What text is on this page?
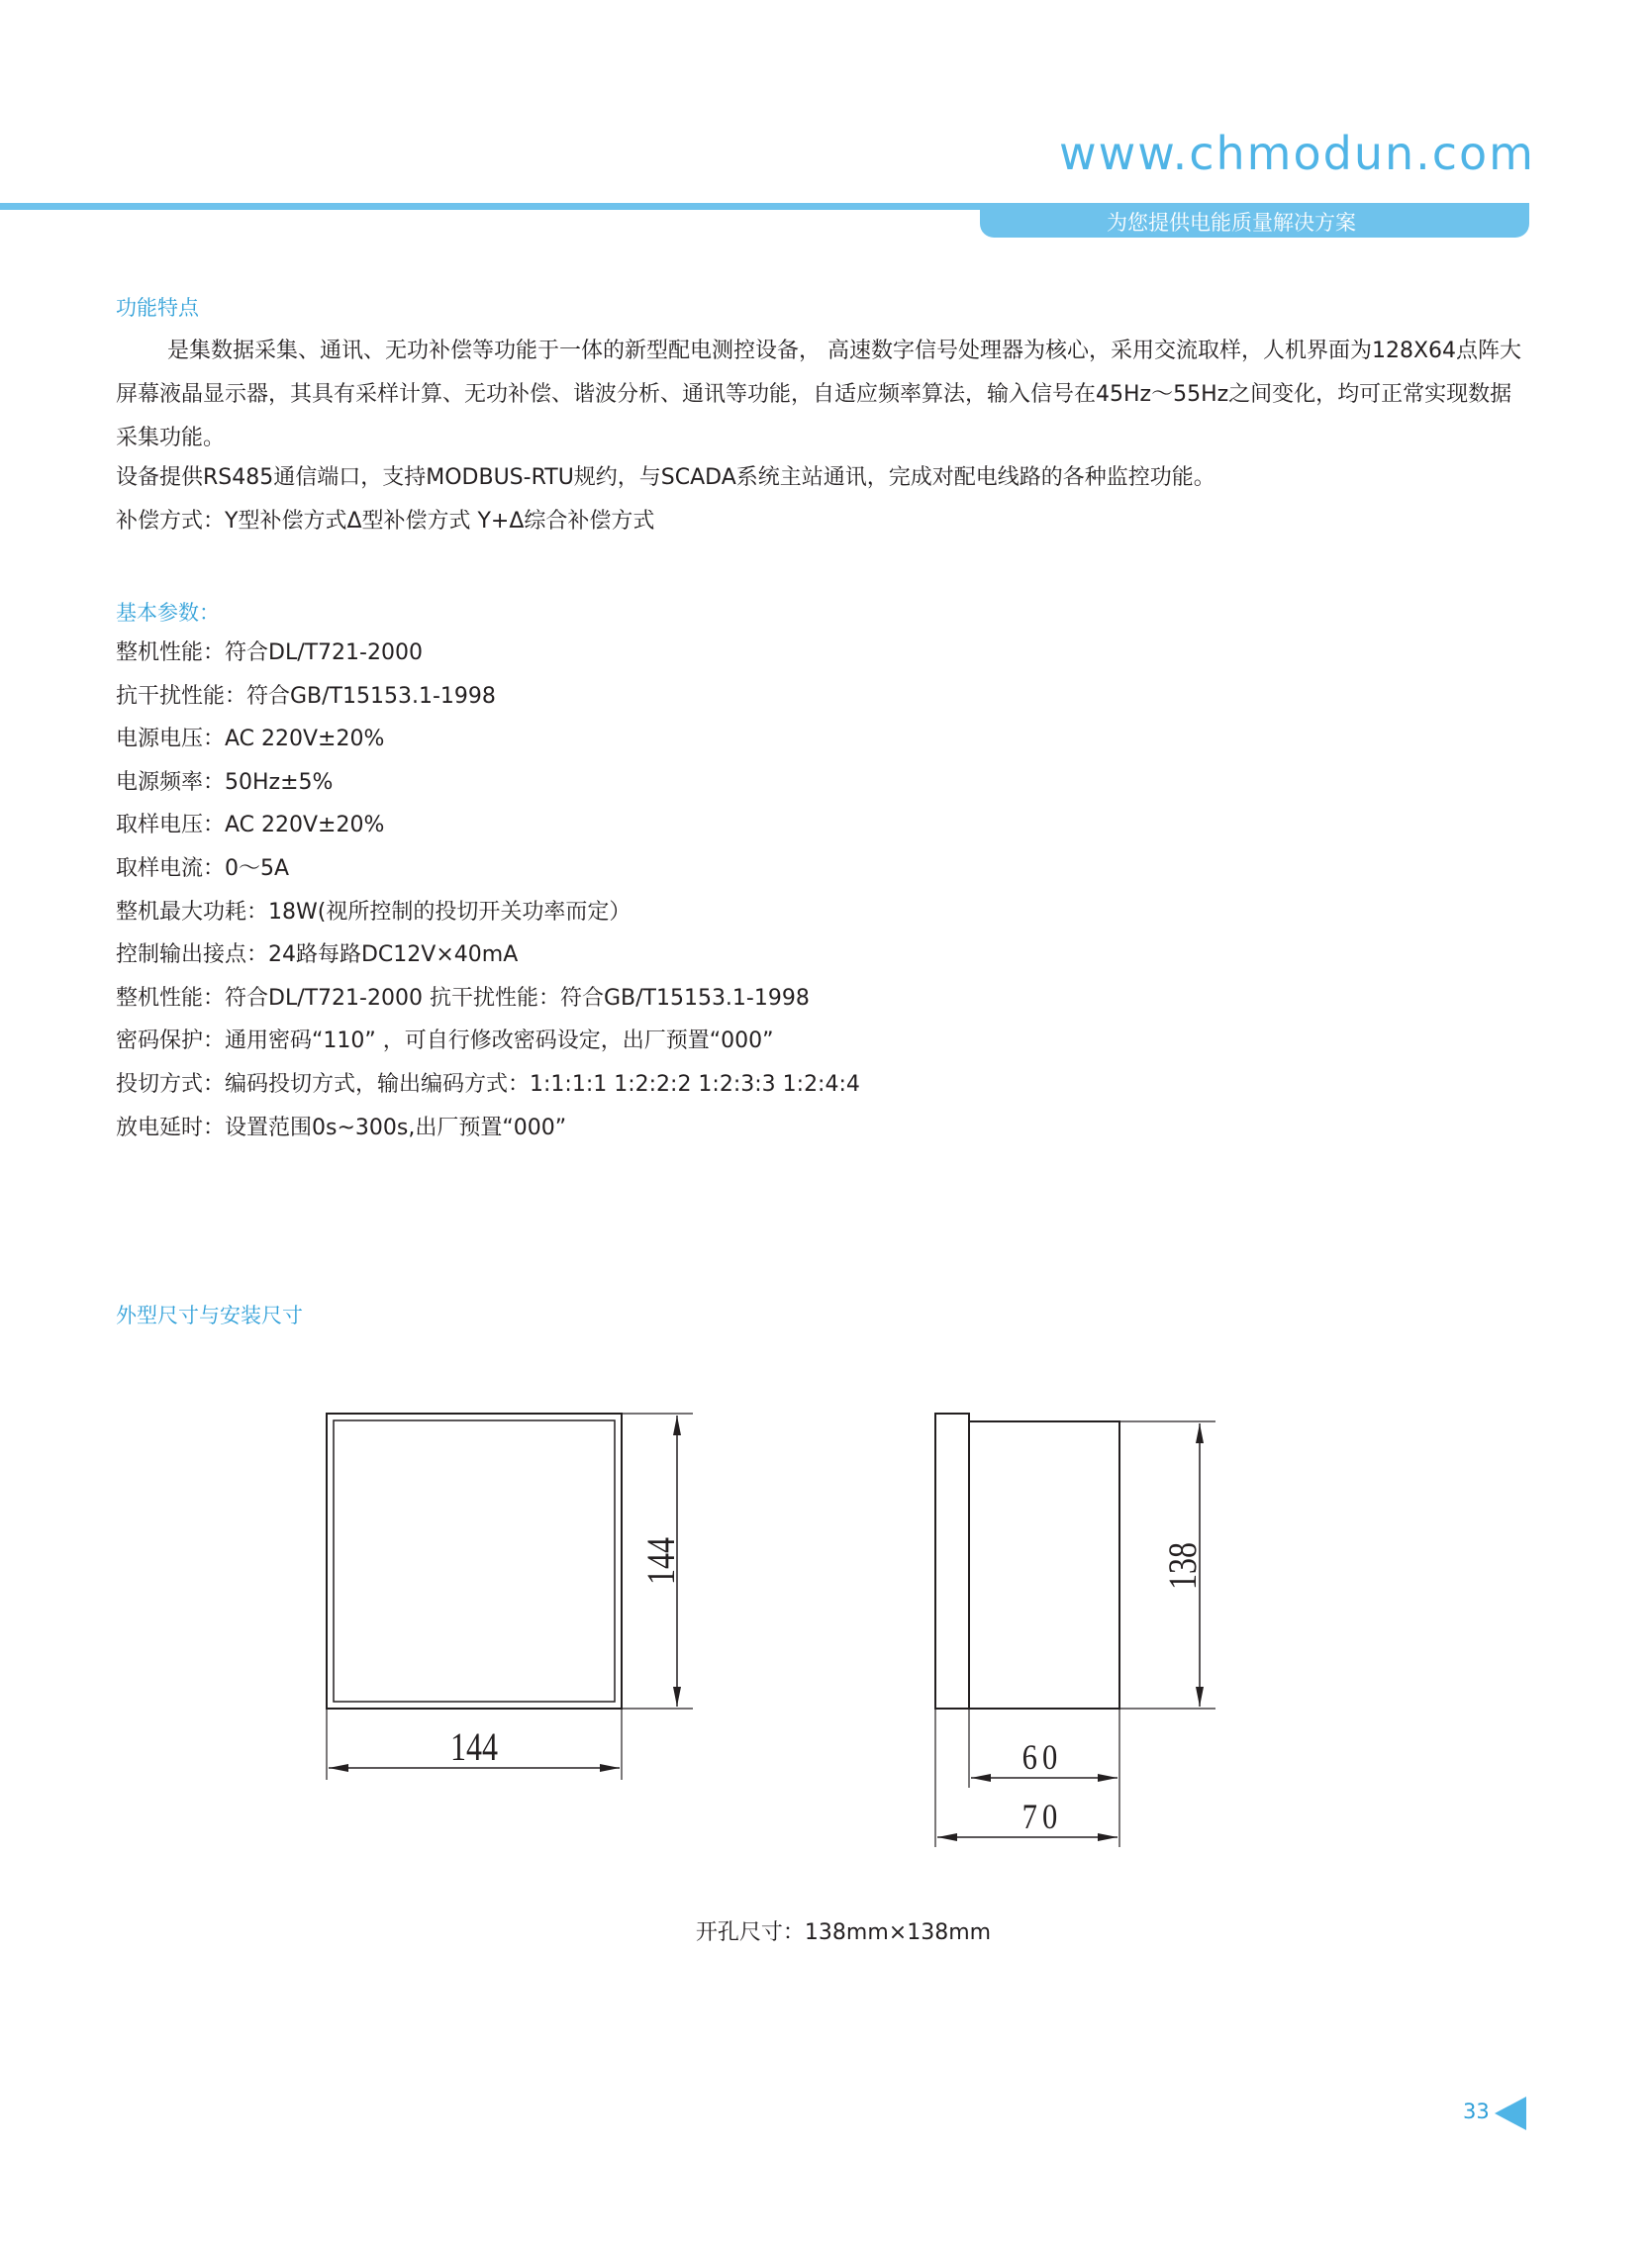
www.chmodun.com
为您提供电能质量解决方案
功能特点

是集数据采集、通讯、无功补偿等功能于一体的新型配电测控设备， 高速数字信号处理器为核心，采用交流取样，人机界面为128X64点阵大屏幕液晶显示器，其具有采样计算、无功补偿、谐波分析、通讯等功能，自适应频率算法，输入信号在45Hz～55Hz之间变化，均可正常实现数据采集功能。

设备提供RS485通信端口，支持MODBUS-RTU规约，与SCADA系统主站通讯，完成对配电线路的各种监控功能。
补偿方式：Y型补偿方式Δ型补偿方式 Y+Δ综合补偿方式
基本参数：
整机性能：符合DL/T721-2000
抗干扰性能：符合GB/T15153.1-1998
电源电压：AC 220V±20%
电源频率：50Hz±5%
取样电压：AC 220V±20%
取样电流：0～5A
整机最大功耗：18W(视所控制的投切开关功率而定）
控制输出接点：24路每路DC12V×40mA
整机性能：符合DL/T721-2000 抗干扰性能：符合GB/T15153.1-1998
密码保护：通用密码“110” ，可自行修改密码设定，出厂预置“000”
投切方式：编码投切方式，输出编码方式：1:1:1:1 1:2:2:2 1:2:3:3 1:2:4:4
放电延时：设置范围0s~300s,出厂预置“000”
外型尺寸与安装尺寸
144
144	138
60
70
开孔尺寸：138mm×138mm
33
